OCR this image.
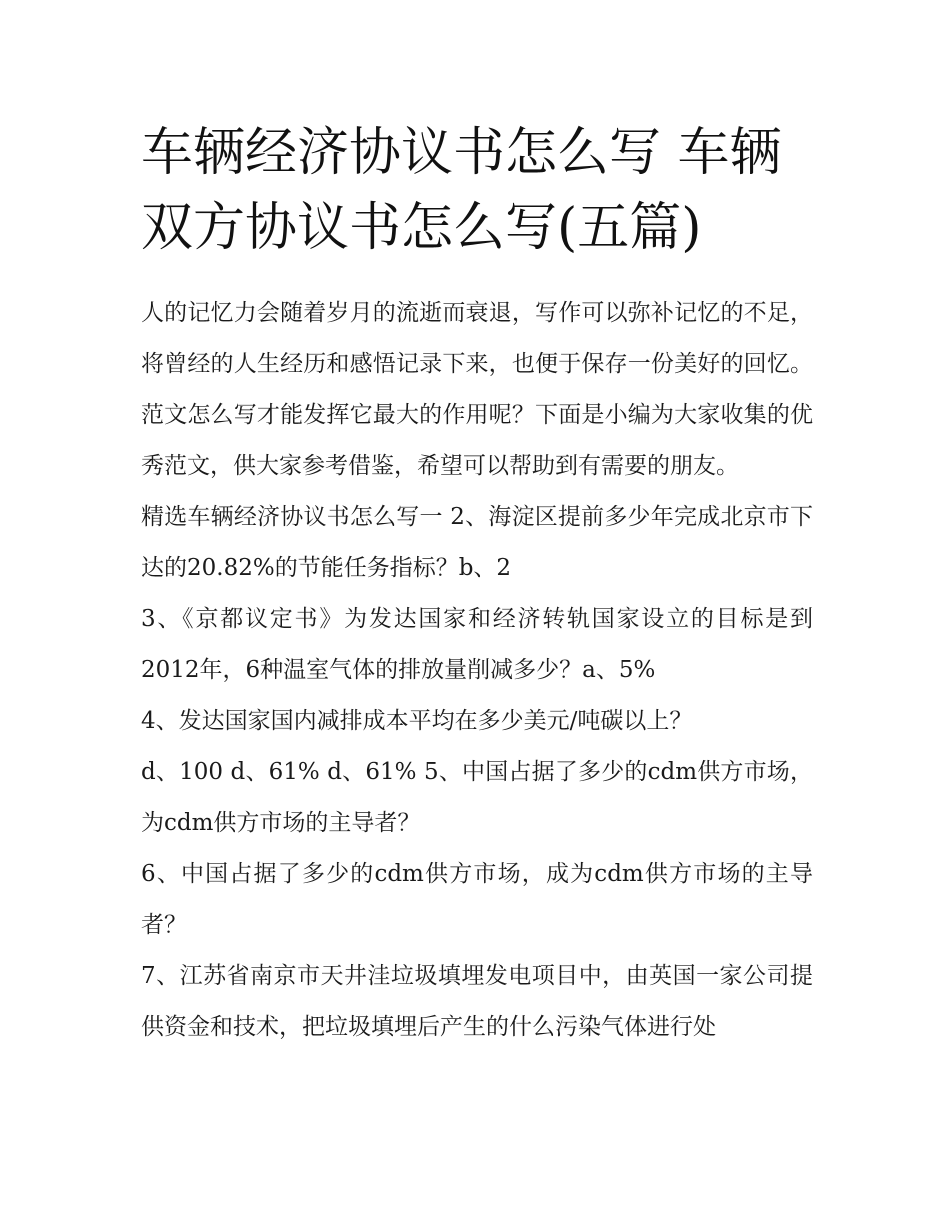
车辆经济协议书怎么写 车辆双方协议书怎么写(五篇)

人的记忆力会随着岁月的流逝而衰退，写作可以弥补记忆的不足，将曾经的人生经历和感悟记录下来，也便于保存一份美好的回忆。范文怎么写才能发挥它最大的作用呢？下面是小编为大家收集的优秀范文，供大家参考借鉴，希望可以帮助到有需要的朋友。

精选车辆经济协议书怎么写一 2、海淀区提前多少年完成北京市下达的20.82%的节能任务指标？b、2

3、《京都议定书》为发达国家和经济转轨国家设立的目标是到2012年，6种温室气体的排放量削减多少？a、5%

4、发达国家国内减排成本平均在多少美元/吨碳以上？

d、100 d、61% d、61% 5、中国占据了多少的cdm供方市场，为cdm供方市场的主导者？

6、中国占据了多少的cdm供方市场，成为cdm供方市场的主导者？

7、江苏省南京市天井洼垃圾填埋发电项目中，由英国一家公司提供资金和技术，把垃圾填埋后产生的什么污染气体进行处
